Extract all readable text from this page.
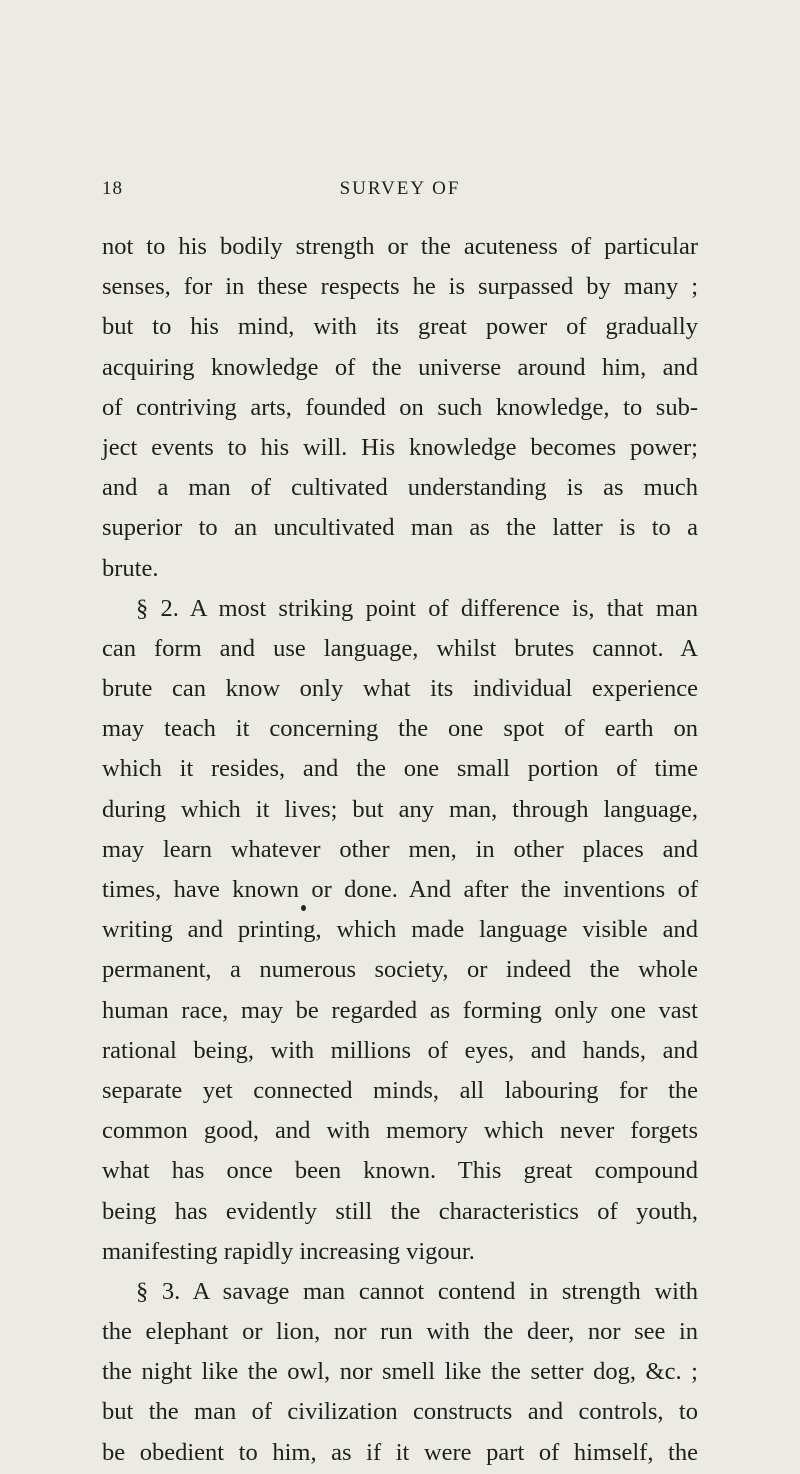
18	SURVEY OF
not to his bodily strength or the acuteness of particular
senses, for in these respects he is surpassed by many ;
but to his mind, with its great power of gradually
acquiring knowledge of the universe around him, and
of contriving arts, founded on such knowledge, to sub-
ject events to his will. His knowledge becomes power;
and a man of cultivated understanding is as much
superior to an uncultivated man as the latter is to a
brute.
§ 2. A most striking point of difference is, that man
can form and use language, whilst brutes cannot. A
brute can know only what its individual experience
may teach it concerning the one spot of earth on
which it resides, and the one small portion of time
during which it lives; but any man, through language,
may learn whatever other men, in other places and
times, have known or done. And after the inventions of
writing and printing, which made language visible and
permanent, a numerous society, or indeed the whole
human race, may be regarded as forming only one vast
rational being, with millions of eyes, and hands, and
separate yet connected minds, all labouring for the
common good, and with memory which never forgets
what has once been known. This great compound
being has evidently still the characteristics of youth,
manifesting rapidly increasing vigour.
§ 3. A savage man cannot contend in strength with
the elephant or lion, nor run with the deer, nor see in
the night like the owl, nor smell like the setter dog, &c. ;
but the man of civilization constructs and controls, to
be obedient to him, as if it were part of himself, the
